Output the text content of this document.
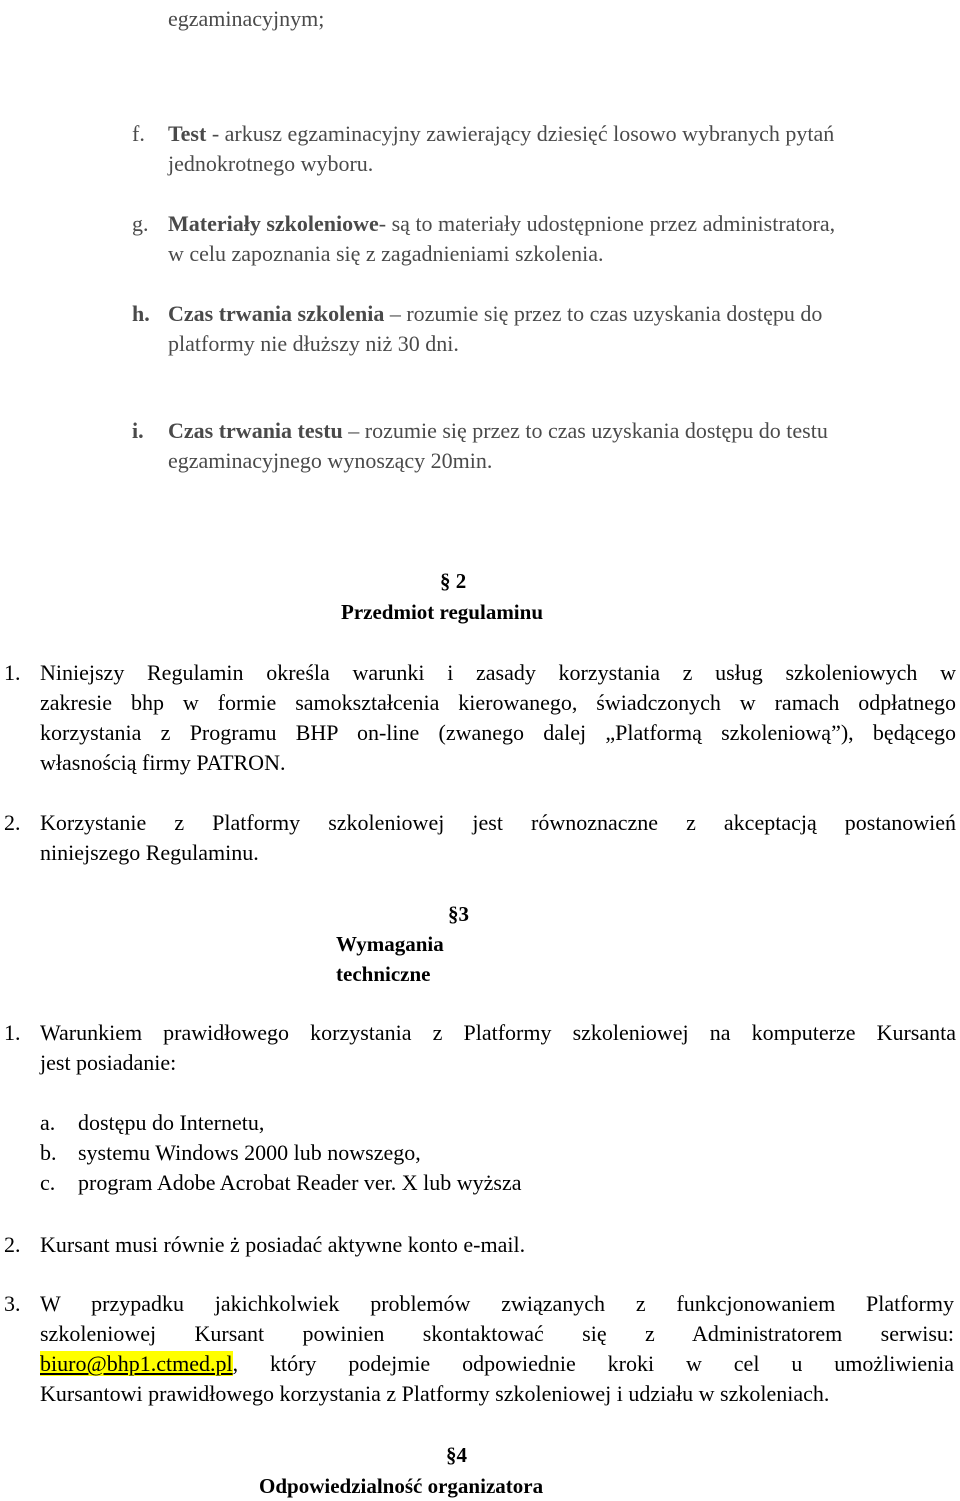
egzaminacyjnym;
f. Test - arkusz egzaminacyjny zawierający dziesięć losowo wybranych pytań
jednokrotnego wyboru.
g. Materiały szkoleniowe- są to materiały udostępnione przez administratora,
w celu zapoznania się z zagadnieniami szkolenia.
h. Czas trwania szkolenia – rozumie się przez to czas uzyskania dostępu do
platformy nie dłuższy niż 30 dni.
i. Czas trwania testu – rozumie się przez to czas uzyskania dostępu do testu
egzaminacyjnego wynoszący 20min.
§ 2
Przedmiot regulaminu
1. Niniejszy Regulamin określa warunki i zasady korzystania z usług szkoleniowych w
zakresie bhp w formie samokształcenia kierowanego, świadczonych w ramach odpłatnego
korzystania z Programu BHP on-line (zwanego dalej „Platformą szkoleniową”), będącego
własnością firmy PATRON.
2. Korzystanie z Platformy szkoleniowej jest równoznaczne z akceptacją postanowień
niniejszego Regulaminu.
§3
Wymagania
techniczne
1. Warunkiem prawidłowego korzystania z Platformy szkoleniowej na komputerze Kursanta
jest posiadanie:
a. dostępu do Internetu,
b. systemu Windows 2000 lub nowszego,
c. program Adobe Acrobat Reader ver. X lub wyższa
2. Kursant musi równie ż posiadać aktywne konto e-mail.
3. W przypadku jakichkolwiek problemów związanych z funkcjonowaniem Platformy
szkoleniowej Kursant powinien skontaktować się z Administratorem serwisu:
biuro@bhp1.ctmed.pl, który podejmie odpowiednie kroki w cel u umożliwienia
Kursantowi prawidłowego korzystania z Platformy szkoleniowej i udziału w szkoleniach.
§4
Odpowiedzialność organizatora
